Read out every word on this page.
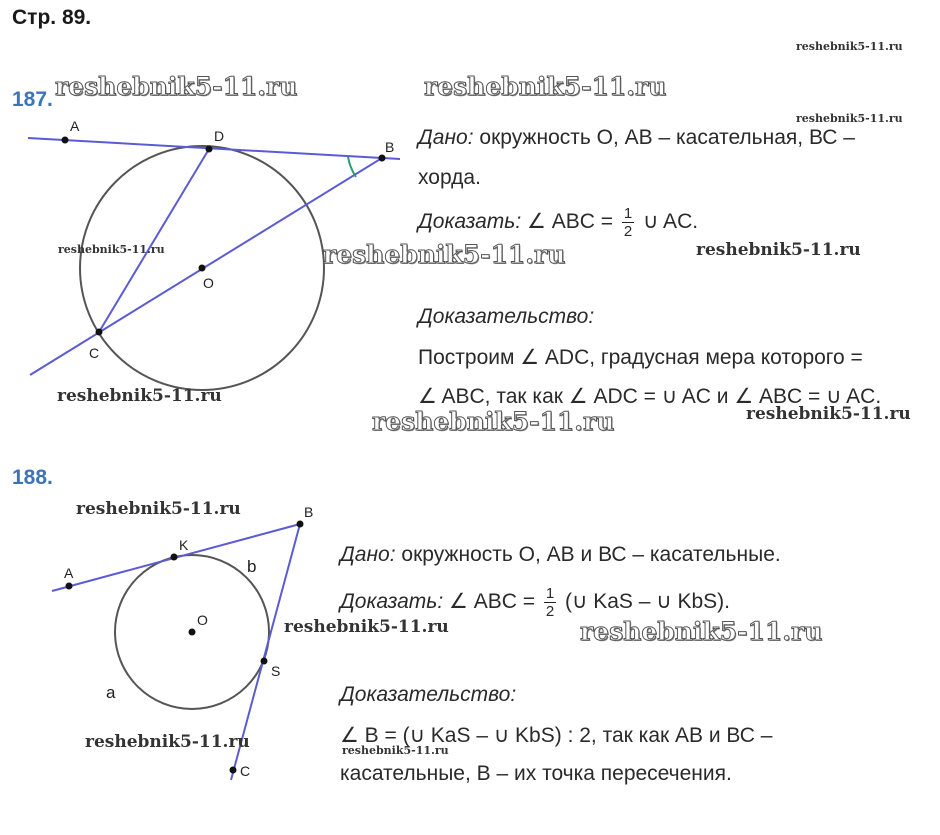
A
D
B
O
C
A
K
B
b
O
S
a
C
Стр. 89.
187.
Дано: окружность О, АВ – касательная, ВС –
хорда.
Доказать: ∠ ABC = $\frac{1}{2}$ ∪ AC.
Доказательство:
Построим ∠ ADC, градусная мера которого =
∠ ABC, так как ∠ ADC = ∪ AC и ∠ ABC = ∪ AC.
188.
Дано: окружность О, АВ и ВС – касательные.
Доказать: ∠ ABC = $\frac{1}{2}$ (∪ KaS – ∪ KbS).
Доказательство:
∠ B = (∪ KaS – ∪ KbS) : 2, так как АВ и ВС –
касательные, В – их точка пересечения.
reshebnik5-11.ru
reshebnik5-11.ru	reshebnik5-11.ru
reshebnik5-11.ru
reshebnik5-11.ru	reshebnik5-11.ru	reshebnik5-11.ru
reshebnik5-11.ru
reshebnik5-11.ru
reshebnik5-11.ru
reshebnik5-11.ru
reshebnik5-11.ru	reshebnik5-11.ru
reshebnik5-11.ru	reshebnik5-11.ru
